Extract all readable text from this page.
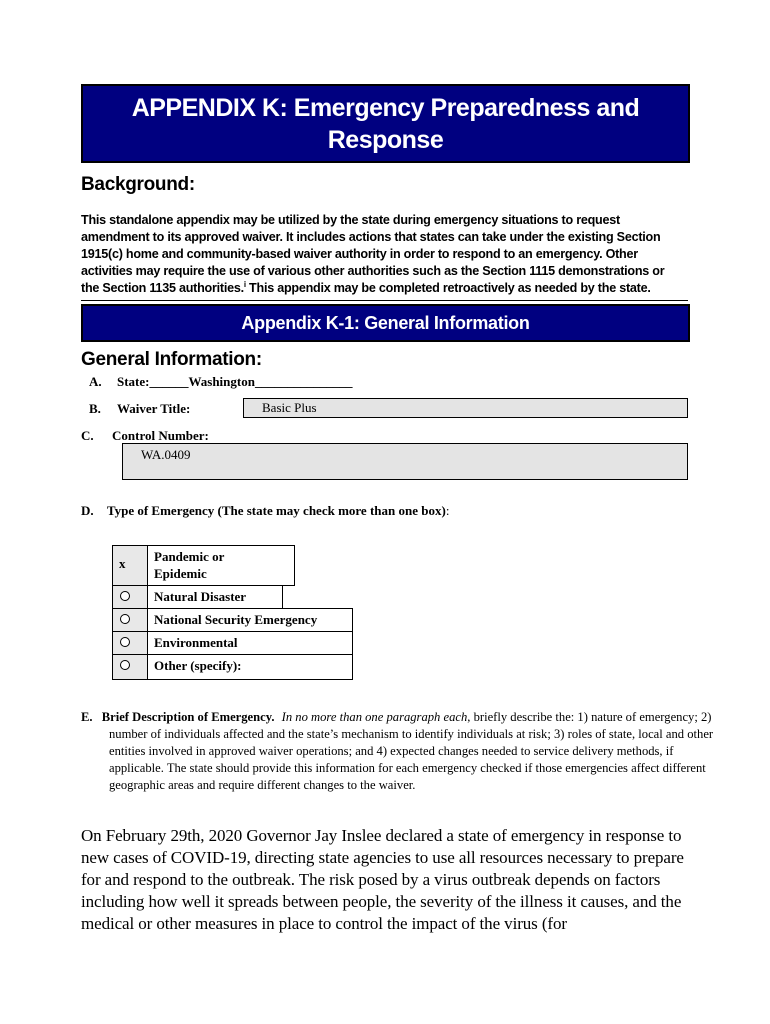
APPENDIX K: Emergency Preparedness and
Response
Background:
This standalone appendix may be utilized by the state during emergency situations to request amendment to its approved waiver. It includes actions that states can take under the existing Section 1915(c) home and community-based waiver authority in order to respond to an emergency. Other activities may require the use of various other authorities such as the Section 1115 demonstrations or the Section 1135 authorities.$^i$ This appendix may be completed retroactively as needed by the state.
Appendix K-1: General Information
General Information:
A. State:______Washington_______________
B. Waiver Title:	Basic Plus
C. Control Number:
WA.0409
D. Type of Emergency (The state may check more than one box):
x Pandemic or
Epidemic
Natural Disaster
National Security Emergency
Environmental
Other (specify):
E. Brief Description of Emergency. In no more than one paragraph each, briefly describe the: 1) nature of emergency; 2) number of individuals affected and the state’s mechanism to identify individuals at risk; 3) roles of state, local and other entities involved in approved waiver operations; and 4) expected changes needed to service delivery methods, if applicable. The state should provide this information for each emergency checked if those emergencies affect different geographic areas and require different changes to the waiver.
On February 29th, 2020 Governor Jay Inslee declared a state of emergency in response to new cases of COVID-19, directing state agencies to use all resources necessary to prepare for and respond to the outbreak. The risk posed by a virus outbreak depends on factors including how well it spreads between people, the severity of the illness it causes, and the medical or other measures in place to control the impact of the virus (for
